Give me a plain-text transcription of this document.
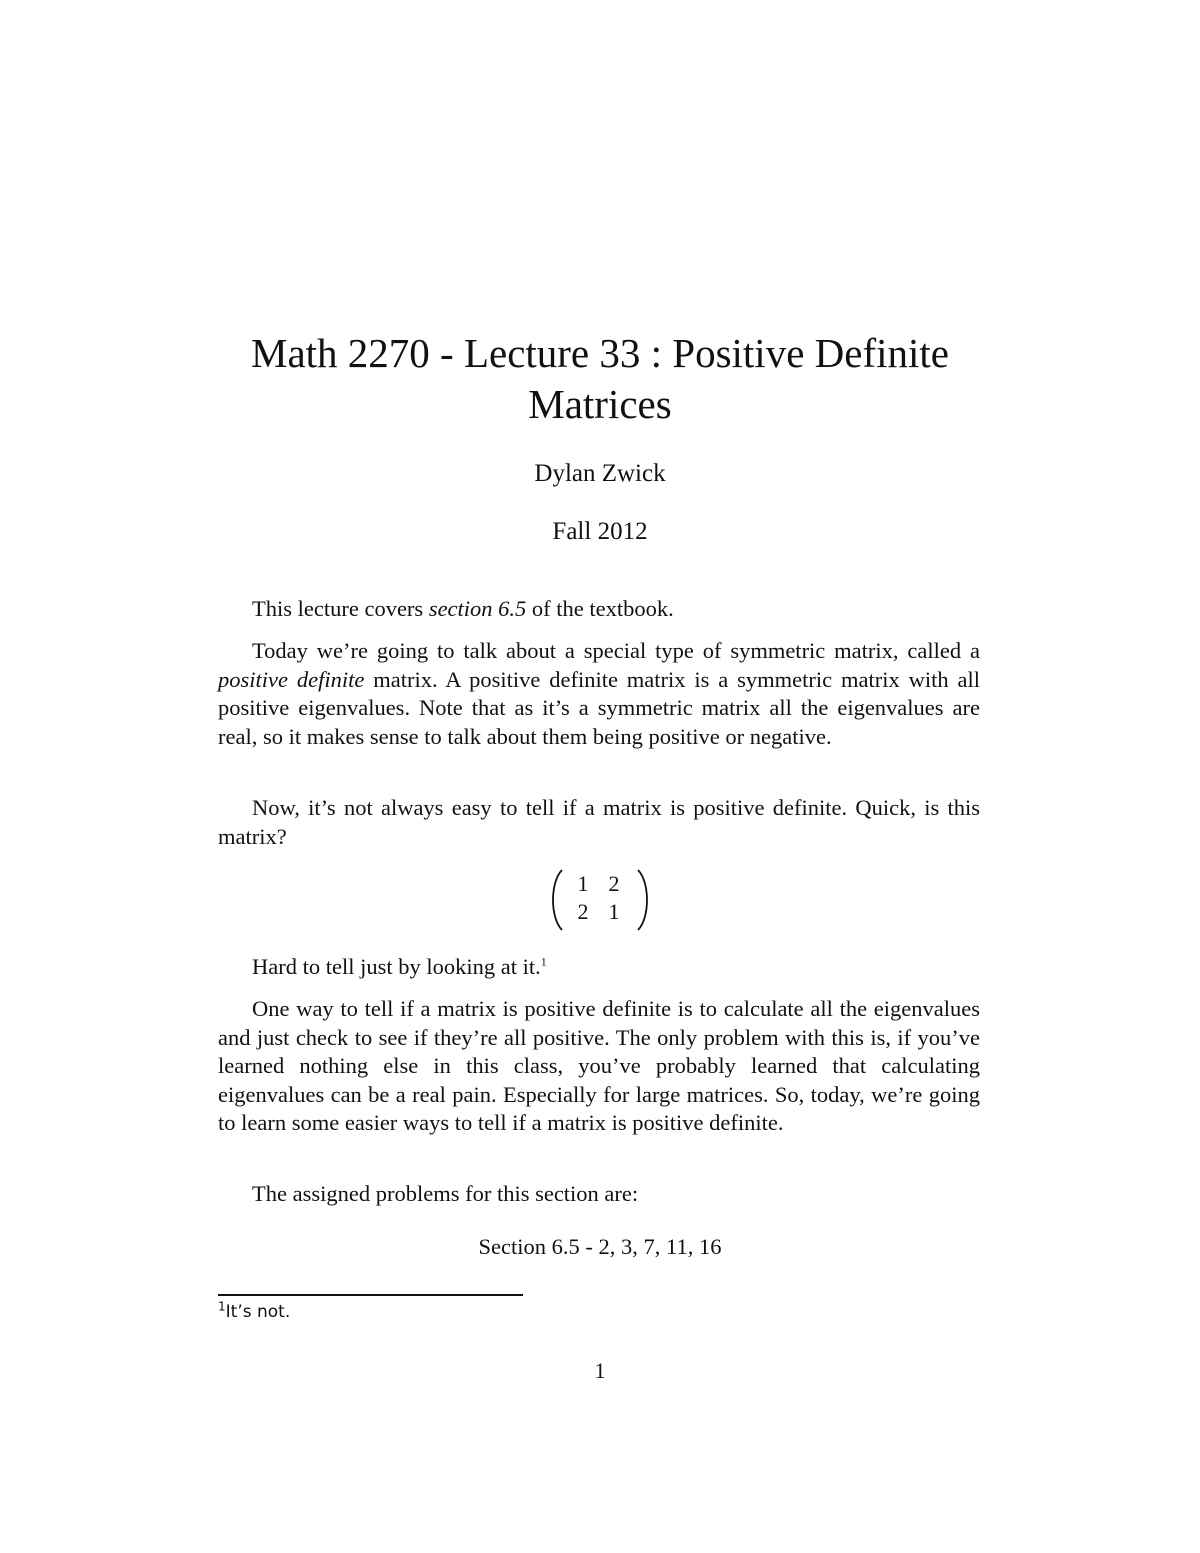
Math 2270 - Lecture 33 : Positive Definite
Matrices

Dylan Zwick

Fall 2012

This lecture covers section 6.5 of the textbook.

Today we’re going to talk about a special type of symmetric matrix, called a positive definite matrix. A positive definite matrix is a symmetric matrix with all positive eigenvalues. Note that as it’s a symmetric matrix all the eigenvalues are real, so it makes sense to talk about them being positive or negative.

Now, it’s not always easy to tell if a matrix is positive definite. Quick, is this matrix?

1 2
2 1

Hard to tell just by looking at it.$^1$

One way to tell if a matrix is positive definite is to calculate all the eigenvalues and just check to see if they’re all positive. The only problem with this is, if you’ve learned nothing else in this class, you’ve probably learned that calculating eigenvalues can be a real pain. Especially for large matrices. So, today, we’re going to learn some easier ways to tell if a matrix is positive definite.

The assigned problems for this section are:

Section 6.5 - 2, 3, 7, 11, 16

$^1$It’s not.

1
